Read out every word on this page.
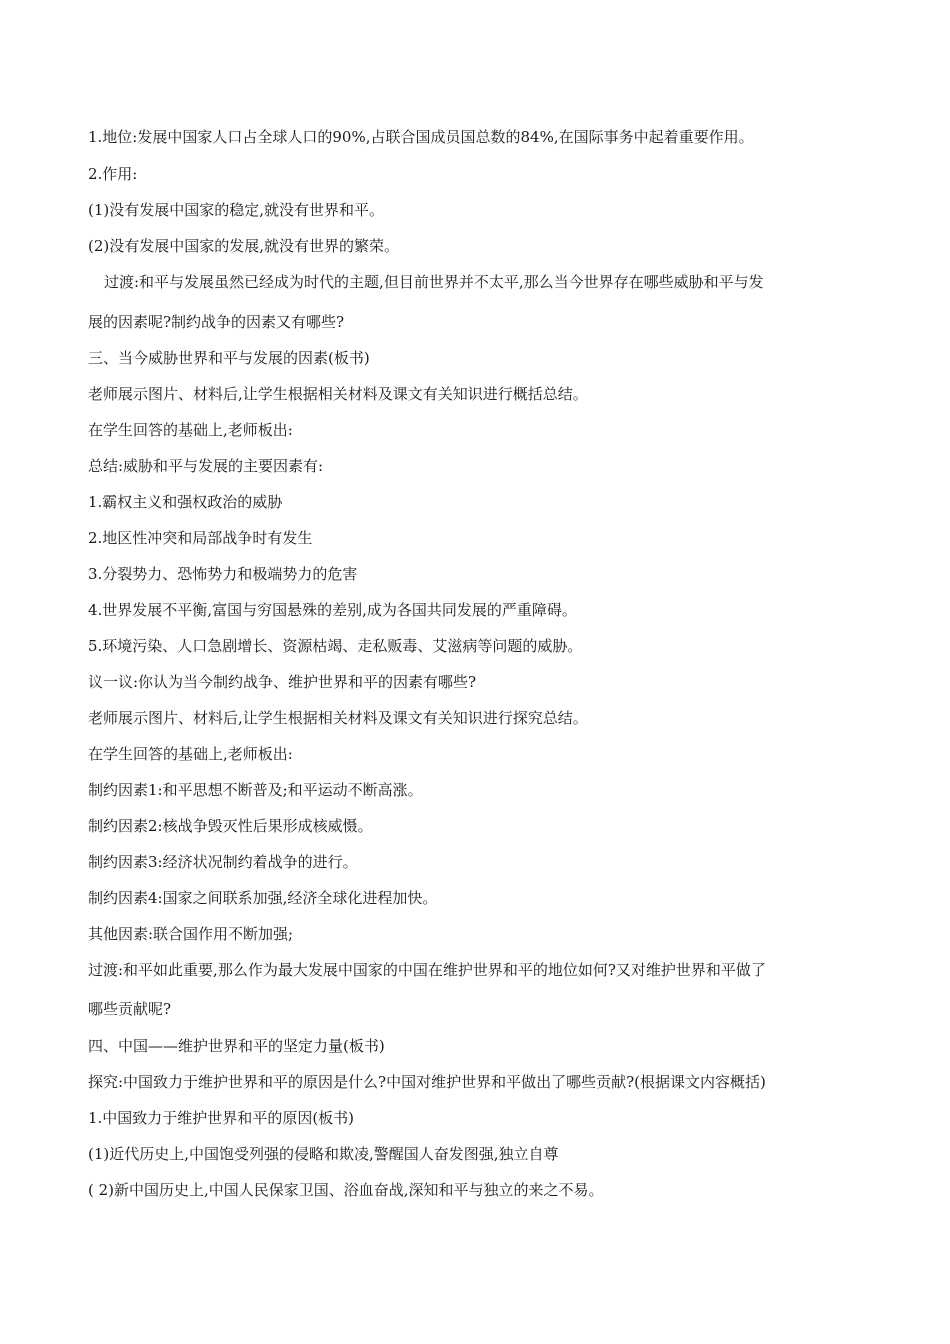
1.地位:发展中国家人口占全球人口的90%,占联合国成员国总数的84%,在国际事务中起着重要作用。
2.作用:
(1)没有发展中国家的稳定,就没有世界和平。
(2)没有发展中国家的发展,就没有世界的繁荣。
过渡:和平与发展虽然已经成为时代的主题,但目前世界并不太平,那么当今世界存在哪些威胁和平与发
展的因素呢?制约战争的因素又有哪些?
三、当今威胁世界和平与发展的因素(板书)
老师展示图片、材料后,让学生根据相关材料及课文有关知识进行概括总结。
在学生回答的基础上,老师板出:
总结:威胁和平与发展的主要因素有:
1.霸权主义和强权政治的威胁
2.地区性冲突和局部战争时有发生
3.分裂势力、恐怖势力和极端势力的危害
4.世界发展不平衡,富国与穷国悬殊的差别,成为各国共同发展的严重障碍。
5.环境污染、人口急剧增长、资源枯竭、走私贩毒、艾滋病等问题的威胁。
议一议:你认为当今制约战争、维护世界和平的因素有哪些?
老师展示图片、材料后,让学生根据相关材料及课文有关知识进行探究总结。
在学生回答的基础上,老师板出:
制约因素1:和平思想不断普及;和平运动不断高涨。
制约因素2:核战争毁灭性后果形成核威慑。
制约因素3:经济状况制约着战争的进行。
制约因素4:国家之间联系加强,经济全球化进程加快。
其他因素:联合国作用不断加强;
过渡:和平如此重要,那么作为最大发展中国家的中国在维护世界和平的地位如何?又对维护世界和平做了
哪些贡献呢?
四、中国——维护世界和平的坚定力量(板书)
探究:中国致力于维护世界和平的原因是什么?中国对维护世界和平做出了哪些贡献?(根据课文内容概括)
1.中国致力于维护世界和平的原因(板书)
(1)近代历史上,中国饱受列强的侵略和欺凌,警醒国人奋发图强,独立自尊
( 2)新中国历史上,中国人民保家卫国、浴血奋战,深知和平与独立的来之不易。
